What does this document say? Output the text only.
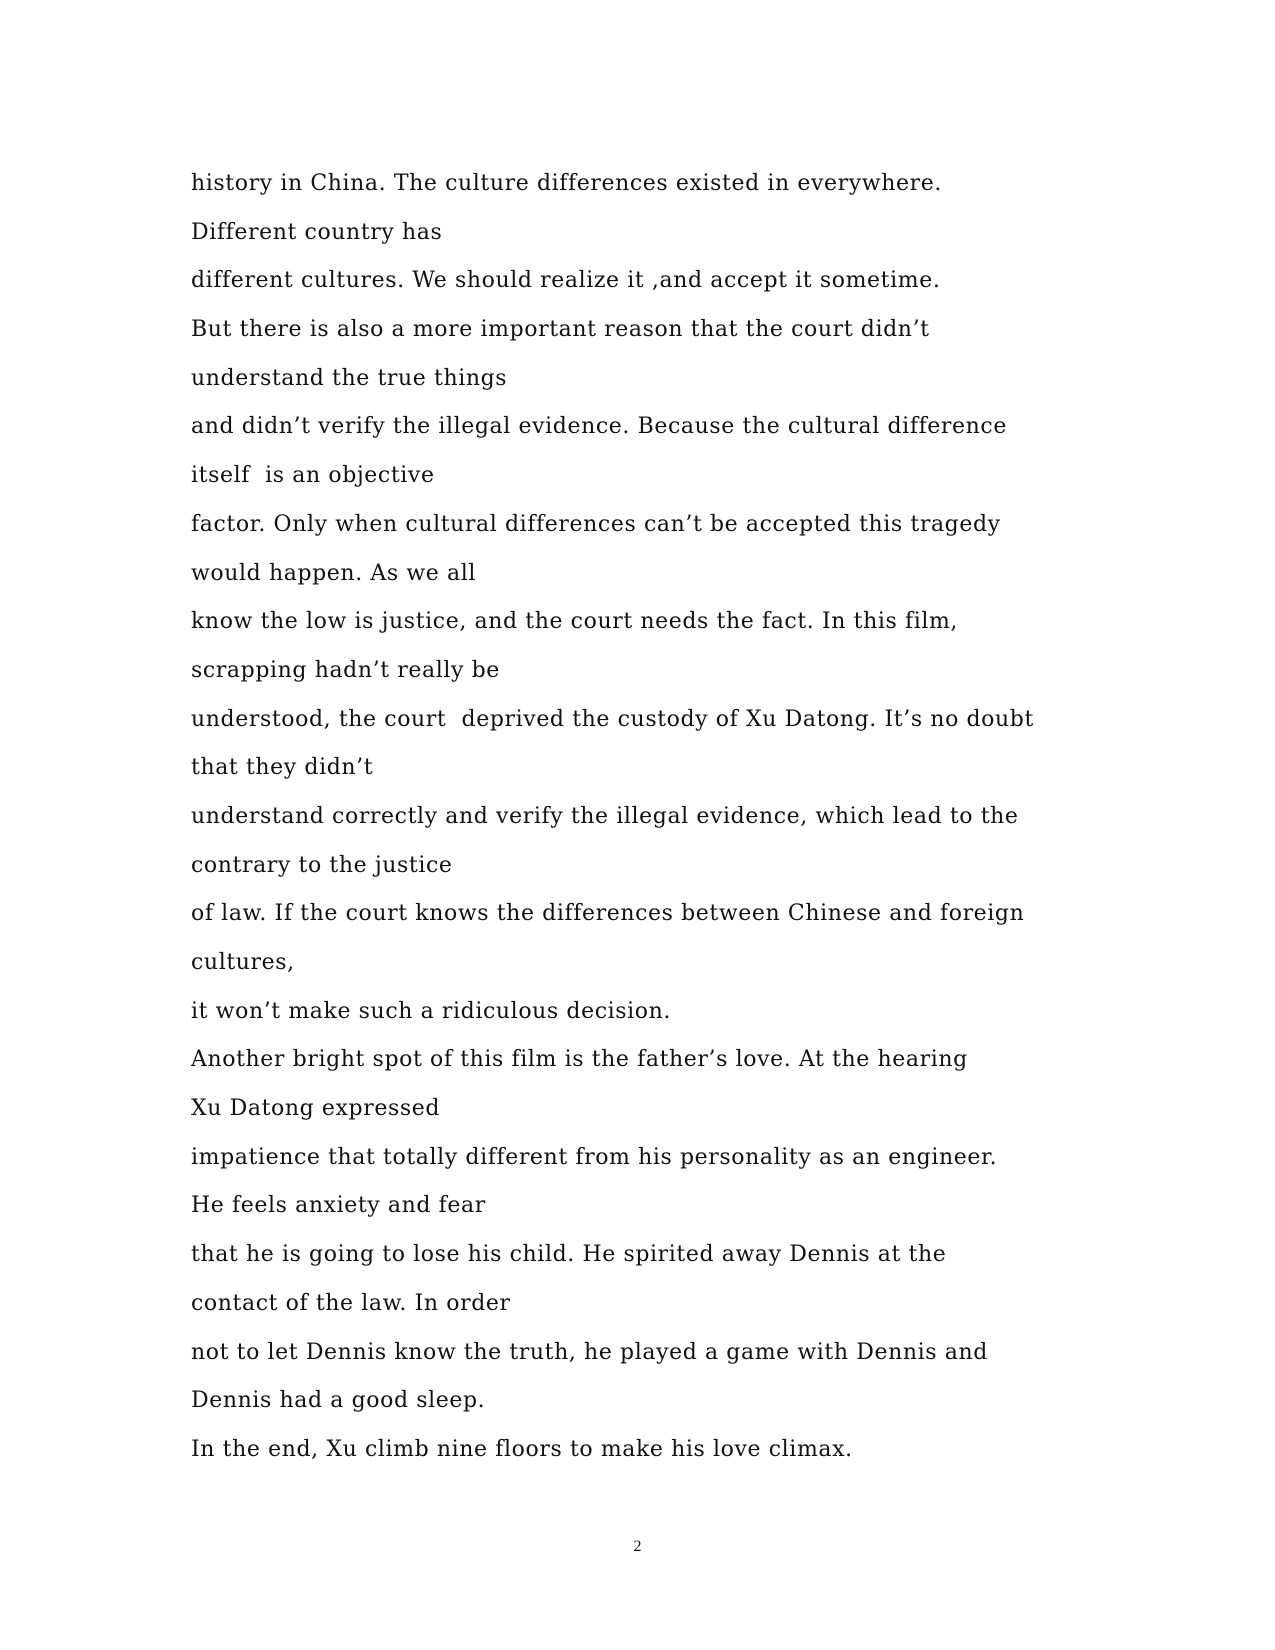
history in China. The culture differences existed in everywhere.
Different country has
different cultures. We should realize it ,and accept it sometime.
But there is also a more important reason that the court didn’t
understand the true things
and didn’t verify the illegal evidence. Because the cultural difference
itself  is an objective
factor. Only when cultural differences can’t be accepted this tragedy
would happen. As we all
know the low is justice, and the court needs the fact. In this film,
scrapping hadn’t really be
understood, the court  deprived the custody of Xu Datong. It’s no doubt
that they didn’t
understand correctly and verify the illegal evidence, which lead to the
contrary to the justice
of law. If the court knows the differences between Chinese and foreign
cultures,
it won’t make such a ridiculous decision.
Another bright spot of this film is the father’s love. At the hearing
Xu Datong expressed
impatience that totally different from his personality as an engineer.
He feels anxiety and fear
that he is going to lose his child. He spirited away Dennis at the
contact of the law. In order
not to let Dennis know the truth, he played a game with Dennis and
Dennis had a good sleep.
In the end, Xu climb nine floors to make his love climax.
2
